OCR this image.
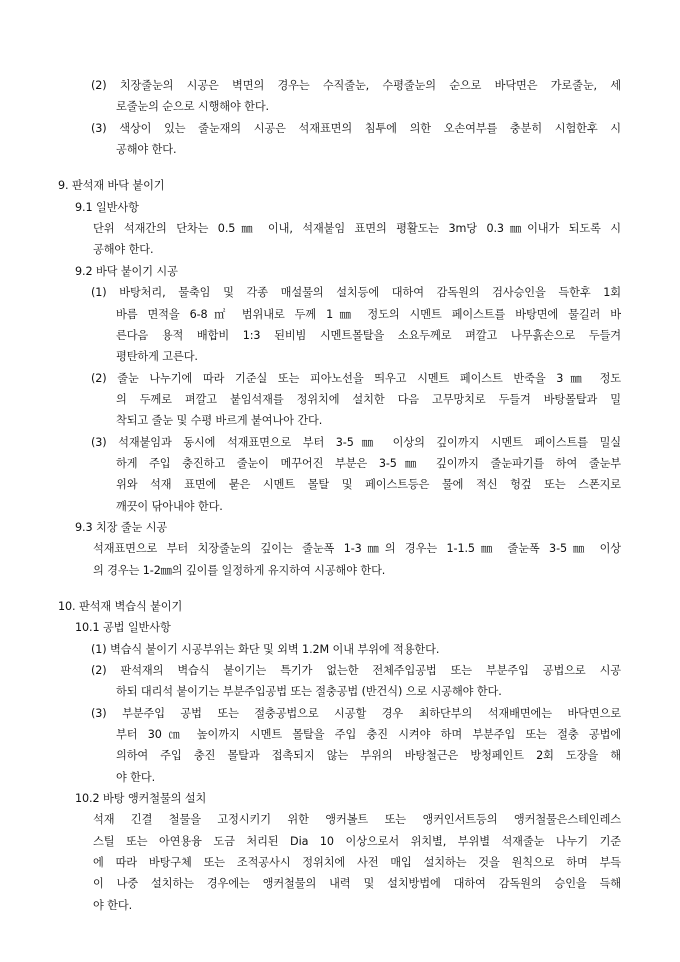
(2) 치장줄눈의 시공은 벽면의 경우는 수직줄눈, 수평줄눈의 순으로 바닥면은 가로줄눈, 세
로줄눈의 순으로 시행해야 한다.
(3) 색상이 있는 줄눈재의 시공은 석재표면의 침투에 의한 오손여부를 충분히 시험한후 시
공해야 한다.
9. 판석재 바닥 붙이기
9.1 일반사항
단위 석재간의 단차는 0.5㎜ 이내, 석재붙임 표면의 평활도는 3m당 0.3㎜이내가 되도록 시
공해야 한다.
9.2 바닥 붙이기 시공
(1) 바탕처리, 물축임 및 각종 매설물의 설치등에 대하여 감독원의 검사승인을 득한후 1회
바름 면적을 6-8㎡ 범위내로 두께 1㎜ 정도의 시멘트 페이스트를 바탕면에 물길러 바
른다음 용적 배합비 1:3 된비빔 시멘트몰탈을 소요두께로 펴깔고 나무흙손으로 두들겨
평탄하게 고른다.
(2) 줄눈 나누기에 따라 기준실 또는 피아노선을 띄우고 시멘트 페이스트 반죽을 3㎜ 정도
의 두께로 펴깔고 붙임석재를 정위치에 설치한 다음 고무망치로 두들겨 바탕몰탈과 밀
착되고 줄눈 및 수평 바르게 붙여나아 간다.
(3) 석재붙임과 동시에 석재표면으로 부터 3-5㎜ 이상의 깊이까지 시멘트 페이스트를 밀실
하게 주입 충진하고 줄눈이 메꾸어진 부분은 3-5㎜ 깊이까지 줄눈파기를 하여 줄눈부
위와 석재 표면에 묻은 시멘트 몰탈 및 페이스트등은 물에 적신 헝겊 또는 스폰지로
깨끗이 닦아내야 한다.
9.3 치장 줄눈 시공
석재표면으로 부터 치장줄눈의 깊이는 줄눈폭 1-3㎜의 경우는 1-1.5㎜ 줄눈폭 3-5㎜ 이상
의 경우는 1-2㎜의 깊이를 일정하게 유지하여 시공해야 한다.
10. 판석재 벽습식 붙이기
10.1 공법 일반사항
(1) 벽습식 붙이기 시공부위는 화단 및 외벽 1.2M 이내 부위에 적용한다.
(2) 판석재의 벽습식 붙이기는 특기가 없는한 전체주입공법 또는 부분주입 공법으로 시공
하되 대리석 붙이기는 부분주입공법 또는 절충공법 (반건식) 으로 시공해야 한다.
(3) 부분주입 공법 또는 절충공법으로 시공할 경우 최하단부의 석재배면에는 바닥면으로
부터 30㎝ 높이까지 시멘트 몰탈을 주입 충진 시켜야 하며 부분주입 또는 절충 공법에
의하여 주입 충진 몰탈과 접촉되지 않는 부위의 바탕철근은 방청페인트 2회 도장을 해
야 한다.
10.2 바탕 앵커철물의 설치
석재 긴결 철물을 고정시키기 위한 앵커볼트 또는 앵커인서트등의 앵커철물은스테인레스
스틸 또는 아연용융 도금 처리된 Dia 10 이상으로서 위치별, 부위별 석재줄눈 나누기 기준
에 따라 바탕구체 또는 조적공사시 정위치에 사전 매입 설치하는 것을 원칙으로 하며 부득
이 나중 설치하는 경우에는 앵커철물의 내력 및 설치방법에 대하여 감독원의 승인을 득해
야 한다.
